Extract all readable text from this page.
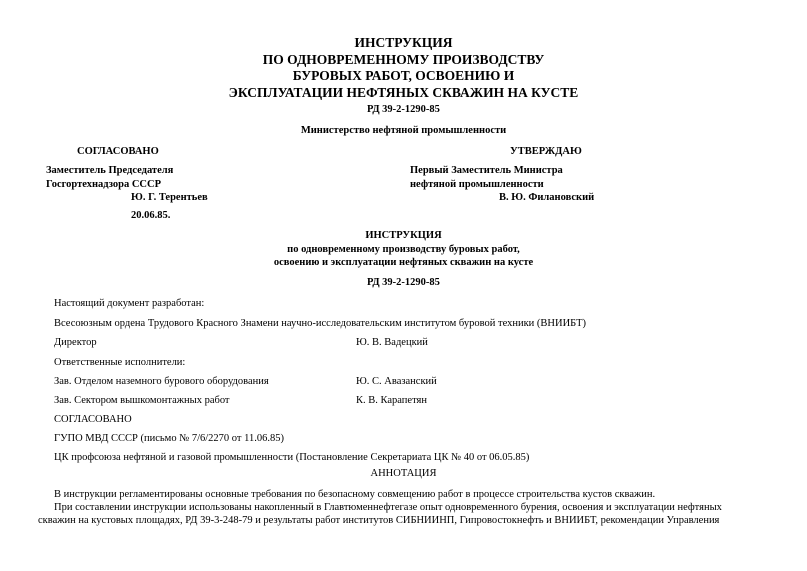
ИНСТРУКЦИЯ
ПО ОДНОВРЕМЕННОМУ ПРОИЗВОДСТВУ
БУРОВЫХ РАБОТ, ОСВОЕНИЮ И
ЭКСПЛУАТАЦИИ НЕФТЯНЫХ СКВАЖИН НА КУСТЕ
РД 39-2-1290-85
Министерство нефтяной промышленности
СОГЛАСОВАНО	УТВЕРЖДАЮ
Заместитель Председателя
Госгортехнадзора СССР
Ю. Г. Терентьев
20.06.85.
Первый Заместитель Министра
нефтяной промышленности
В. Ю. Филановский
ИНСТРУКЦИЯ
по одновременному производству буровых работ,
освоению и эксплуатации нефтяных скважин на кусте
РД 39-2-1290-85
Настоящий документ разработан:
Всесоюзным ордена Трудового Красного Знамени научно-исследовательским институтом буровой техники (ВНИИБТ)
Директор	Ю. В. Вадецкий
Ответственные исполнители:
Зав. Отделом наземного бурового оборудования	Ю. С. Авазанский
Зав. Сектором вышкомонтажных работ	К. В. Карапетян
СОГЛАСОВАНО
ГУПО МВД СССР (письмо № 7/6/2270 от 11.06.85)
ЦК профсоюза нефтяной и газовой промышленности (Постановление Секретариата ЦК № 40 от 06.05.85)
АННОТАЦИЯ

В инструкции регламентированы основные требования по безопасному совмещению работ в процессе строительства кустов скважин.

При составлении инструкции использованы накопленный в Главтюменнефтегазе опыт одновременного бурения, освоения и эксплуатации нефтяных

скважин на кустовых площадях, РД 39-3-248-79 и результаты работ институтов СИБНИИНП, Гипровостокнефть и ВНИИБТ, рекомендации Управления
